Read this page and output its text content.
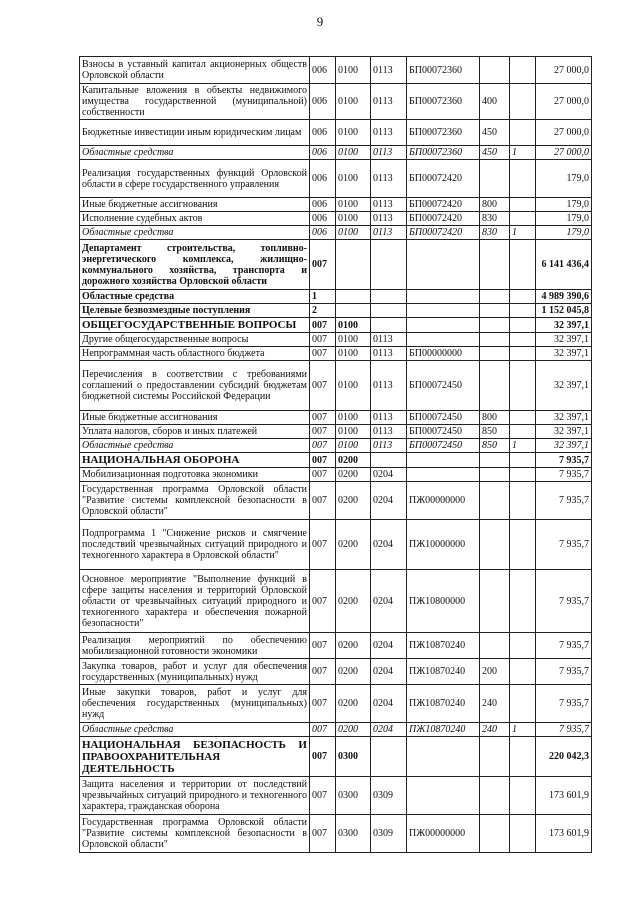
9
Взносы в уставный капитал акционерных обществ Орловской области	006	0100	0113	БП00072360			27 000,0
Капитальные вложения в объекты недвижимого имущества государственной (муниципальной) собственности	006	0100	0113	БП00072360	400		27 000,0
Бюджетные инвестиции иным юридическим лицам	006	0100	0113	БП00072360	450		27 000,0
Областные средства	006	0100	0113	БП00072360	450	1	27 000,0
Реализация государственных функций Орловской области в сфере государственного управления	006	0100	0113	БП00072420			179,0
Иные бюджетные ассигнования	006	0100	0113	БП00072420	800		179,0
Исполнение судебных актов	006	0100	0113	БП00072420	830		179,0
Областные средства	006	0100	0113	БП00072420	830	1	179,0
Департамент строительства, топливно-энергетического комплекса, жилищно-коммунального хозяйства, транспорта и дорожного хозяйства Орловской области	007						6 141 436,4
Областные средства	1						4 989 390,6
Целевые безвозмездные поступления	2						1 152 045,8
ОБЩЕГОСУДАРСТВЕННЫЕ ВОПРОСЫ	007	0100					32 397,1
Другие общегосударственные вопросы	007	0100	0113				32 397,1
Непрограммная часть областного бюджета	007	0100	0113	БП00000000			32 397,1
Перечисления в соответствии с требованиями соглашений о предоставлении субсидий бюджетам бюджетной системы Российской Федерации	007	0100	0113	БП00072450			32 397,1
Иные бюджетные ассигнования	007	0100	0113	БП00072450	800		32 397,1
Уплата налогов, сборов и иных платежей	007	0100	0113	БП00072450	850		32 397,1
Областные средства	007	0100	0113	БП00072450	850	1	32 397,1
НАЦИОНАЛЬНАЯ ОБОРОНА	007	0200					7 935,7
Мобилизационная подготовка экономики	007	0200	0204				7 935,7
Государственная программа Орловской области "Развитие системы комплексной безопасности в Орловской области"	007	0200	0204	ПЖ00000000			7 935,7
Подпрограмма 1 "Снижение рисков и смягчение последствий чрезвычайных ситуаций природного и техногенного характера в Орловской области"	007	0200	0204	ПЖ10000000			7 935,7
Основное мероприятие "Выполнение функций в сфере защиты населения и территорий Орловской области от чрезвычайных ситуаций природного и техногенного характера и обеспечения пожарной безопасности"	007	0200	0204	ПЖ10800000			7 935,7
Реализация мероприятий по обеспечению мобилизационной готовности экономики	007	0200	0204	ПЖ10870240			7 935,7
Закупка товаров, работ и услуг для обеспечения государственных (муниципальных) нужд	007	0200	0204	ПЖ10870240	200		7 935,7
Иные закупки товаров, работ и услуг для обеспечения государственных (муниципальных) нужд	007	0200	0204	ПЖ10870240	240		7 935,7
Областные средства	007	0200	0204	ПЖ10870240	240	1	7 935,7
НАЦИОНАЛЬНАЯ БЕЗОПАСНОСТЬ И ПРАВООХРАНИТЕЛЬНАЯ ДЕЯТЕЛЬНОСТЬ	007	0300					220 042,3
Защита населения и территории от последствий чрезвычайных ситуаций природного и техногенного характера, гражданская оборона	007	0300	0309				173 601,9
Государственная программа Орловской области "Развитие системы комплексной безопасности в Орловской области"	007	0300	0309	ПЖ00000000			173 601,9
